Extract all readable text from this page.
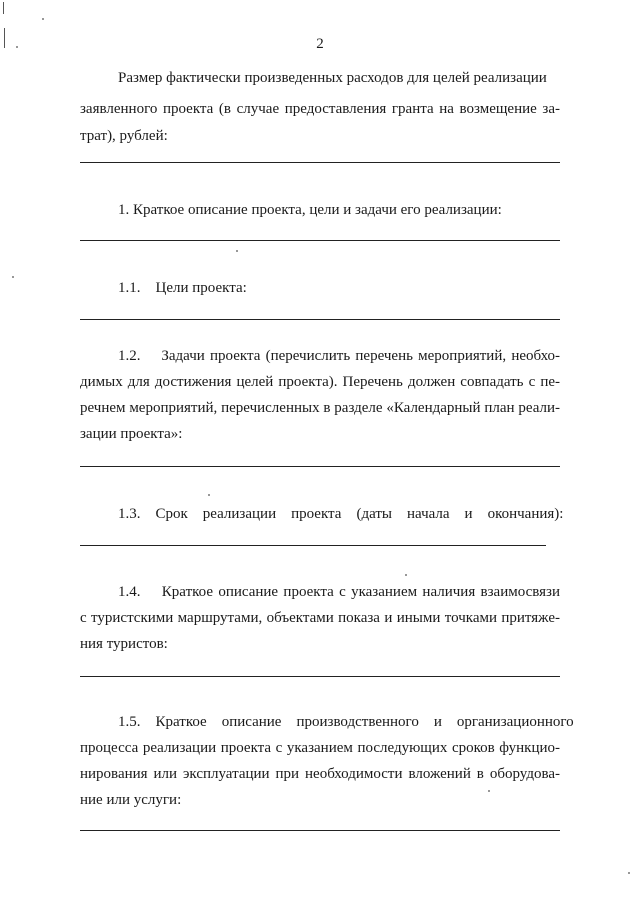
2
Размер фактически произведенных расходов для целей реализации
заявленного проекта (в случае предоставления гранта на возмещение за-
трат), рублей:
1. Краткое описание проекта, цели и задачи его реализации:
1.1.    Цели проекта:
1.2.    Задачи проекта (перечислить перечень мероприятий, необхо-
димых для достижения целей проекта). Перечень должен совпадать с пе-
речнем мероприятий, перечисленных в разделе «Календарный план реали-
зации проекта»:
1.3.    Срок    реализации    проекта    (даты    начала    и    окончания):
1.4.    Краткое описание проекта с указанием наличия взаимосвязи
с туристскими маршрутами, объектами показа и иными точками притяже-
ния туристов:
1.5.    Краткое    описание    производственного    и    организационного
процесса реализации проекта с указанием последующих сроков функцио-
нирования или эксплуатации при необходимости вложений в оборудова-
ние или услуги:
